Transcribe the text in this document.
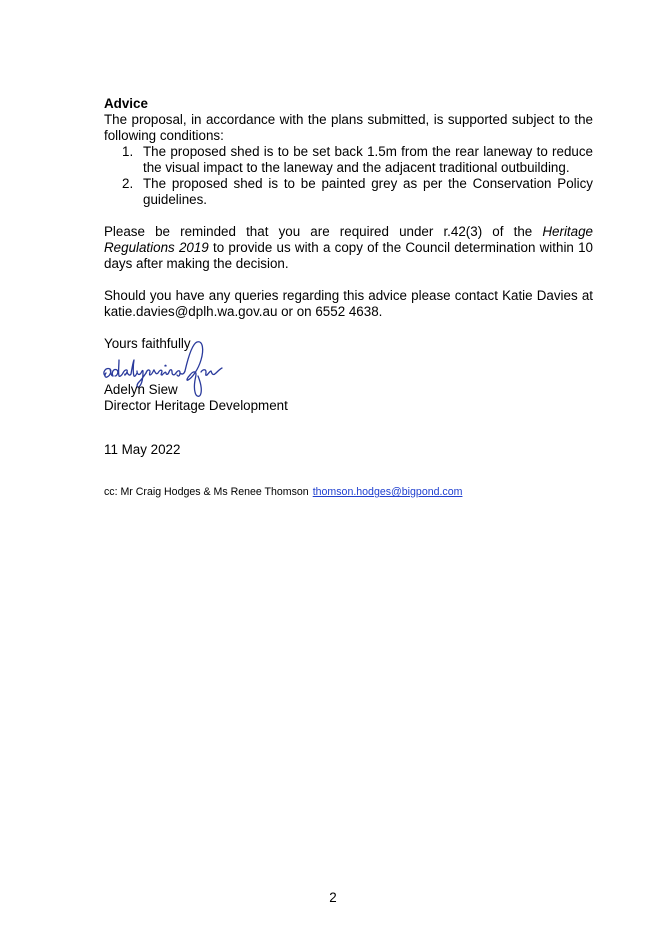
Advice

The proposal, in accordance with the plans submitted, is supported subject to the following conditions:

1. The proposed shed is to be set back 1.5m from the rear laneway to reduce the visual impact to the laneway and the adjacent traditional outbuilding.
2. The proposed shed is to be painted grey as per the Conservation Policy guidelines.

Please be reminded that you are required under r.42(3) of the Heritage Regulations 2019 to provide us with a copy of the Council determination within 10 days after making the decision.

Should you have any queries regarding this advice please contact Katie Davies at katie.davies@dplh.wa.gov.au or on 6552 4638.

Yours faithfully

Adelyn Siew

Director Heritage Development

11 May 2022

cc: Mr Craig Hodges & Ms Renee Thomson thomson.hodges@bigpond.com

2
